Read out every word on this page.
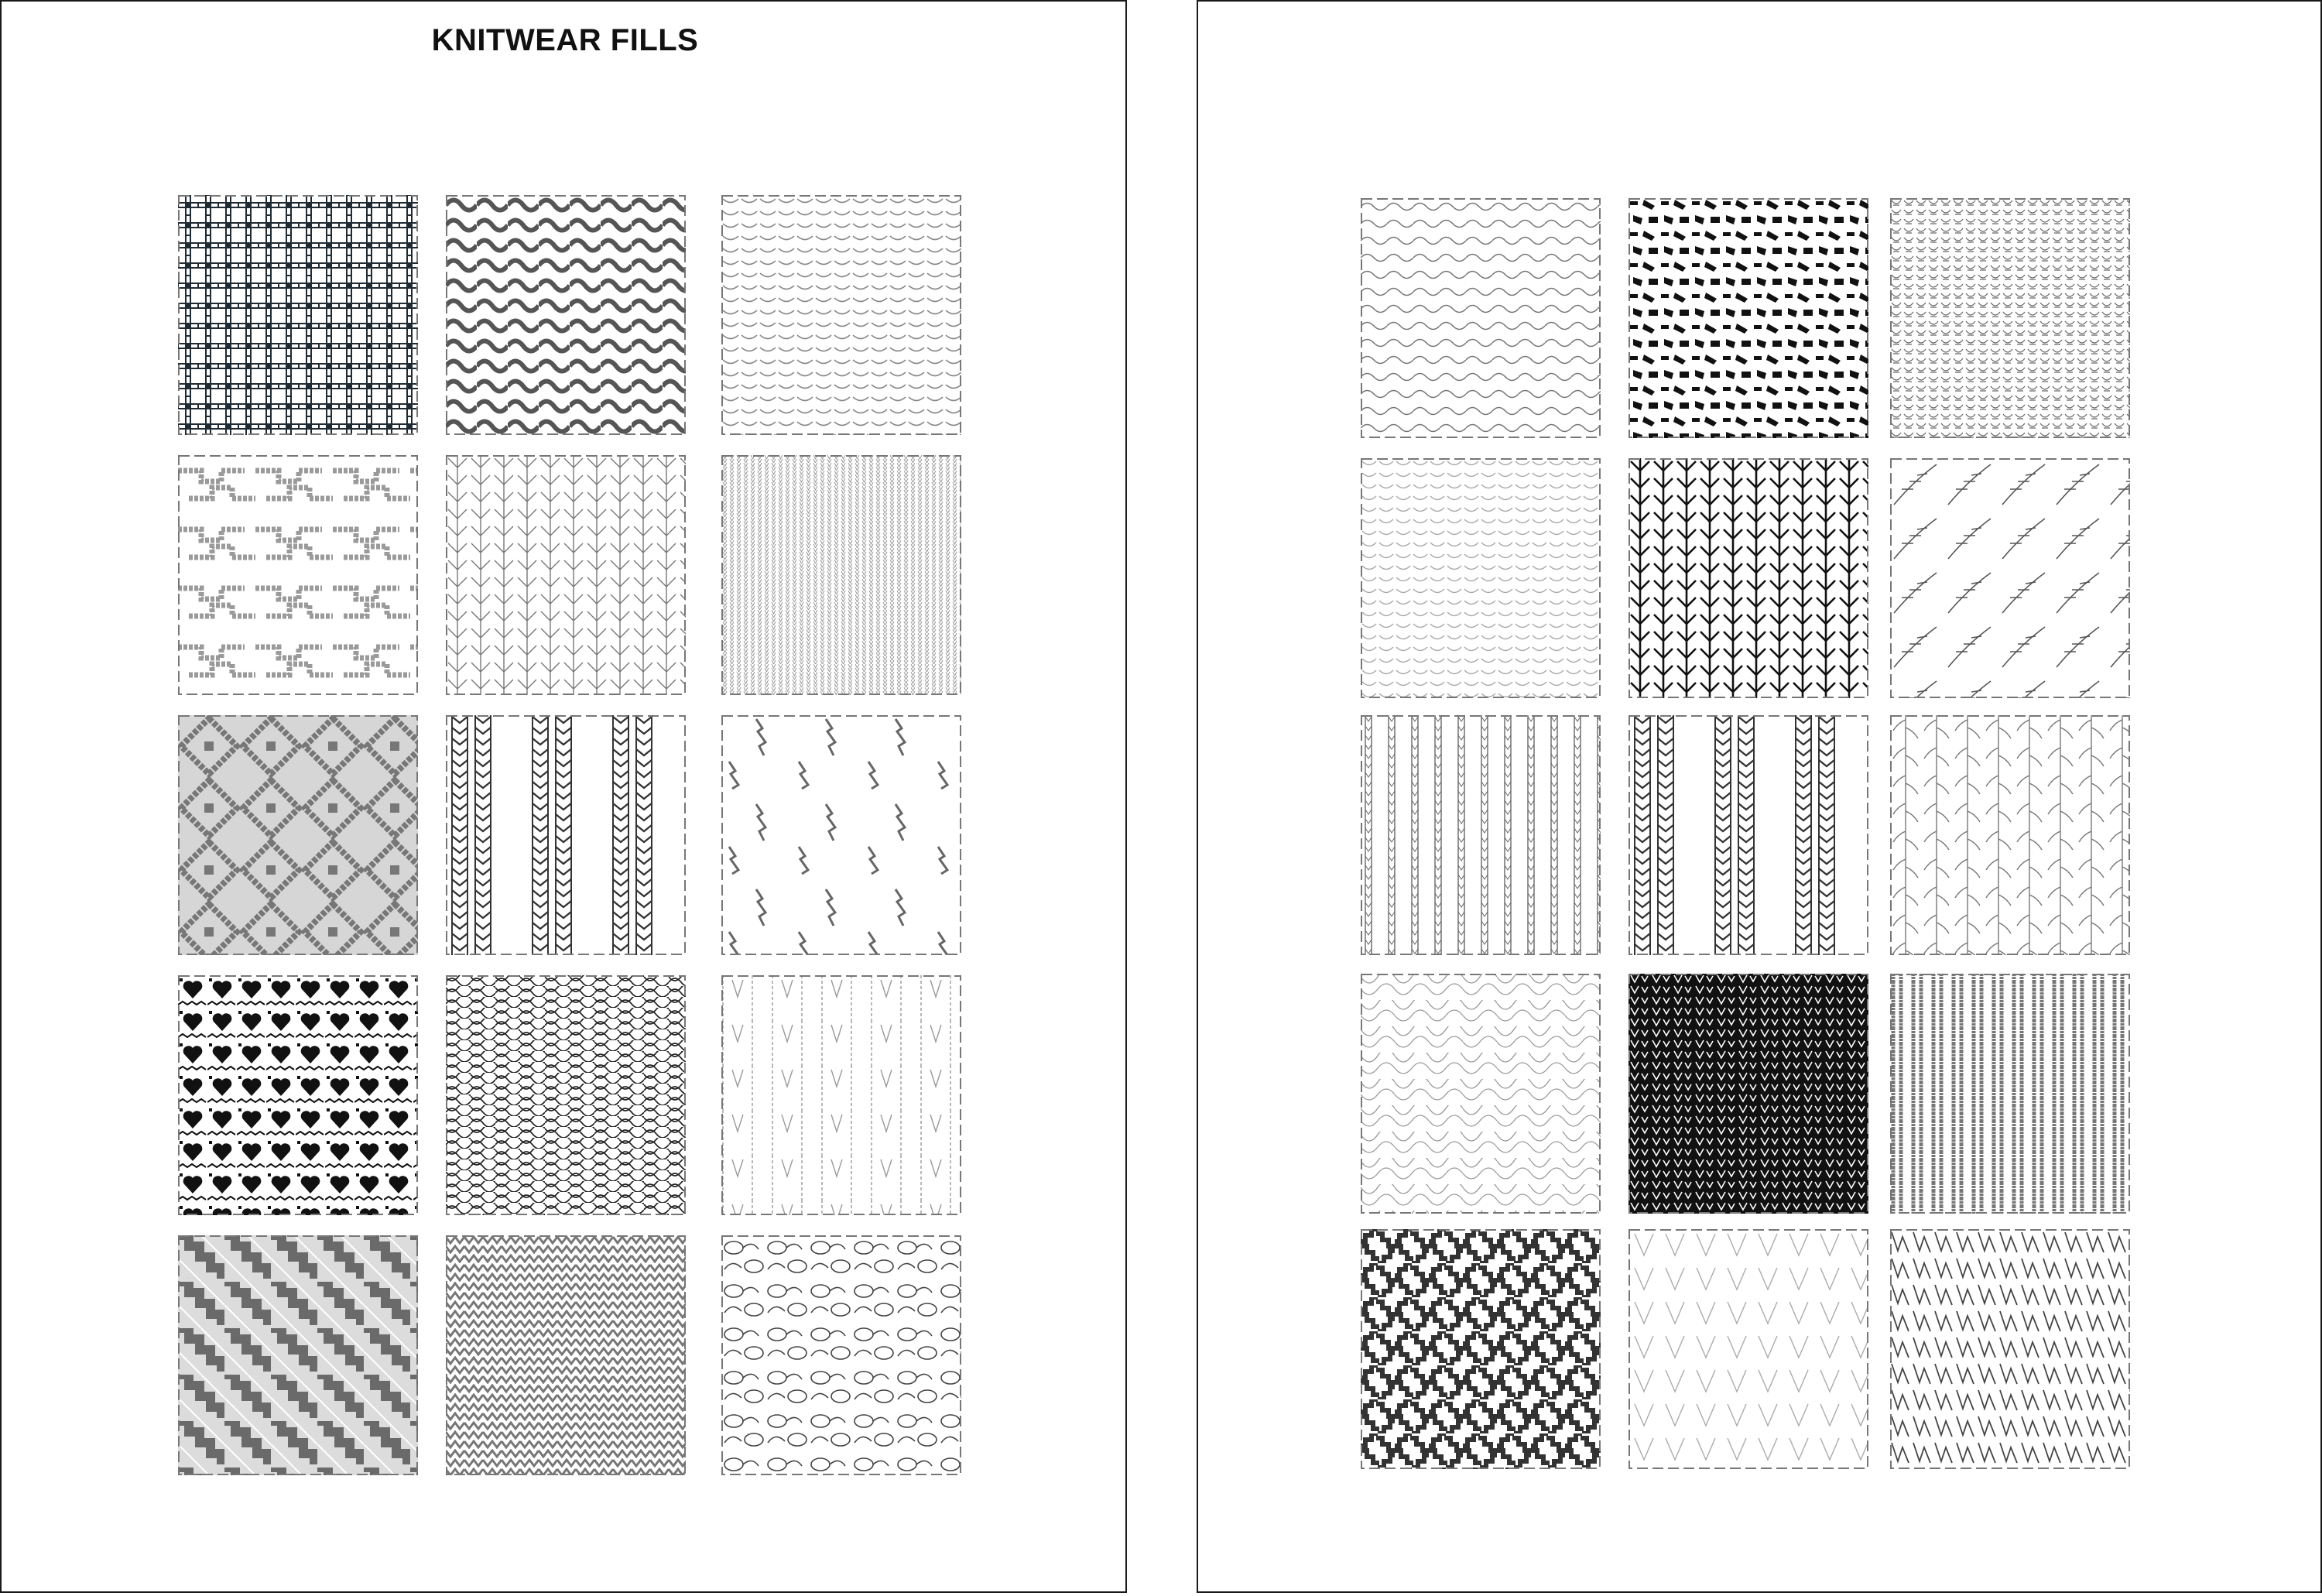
KNITWEAR FILLS
